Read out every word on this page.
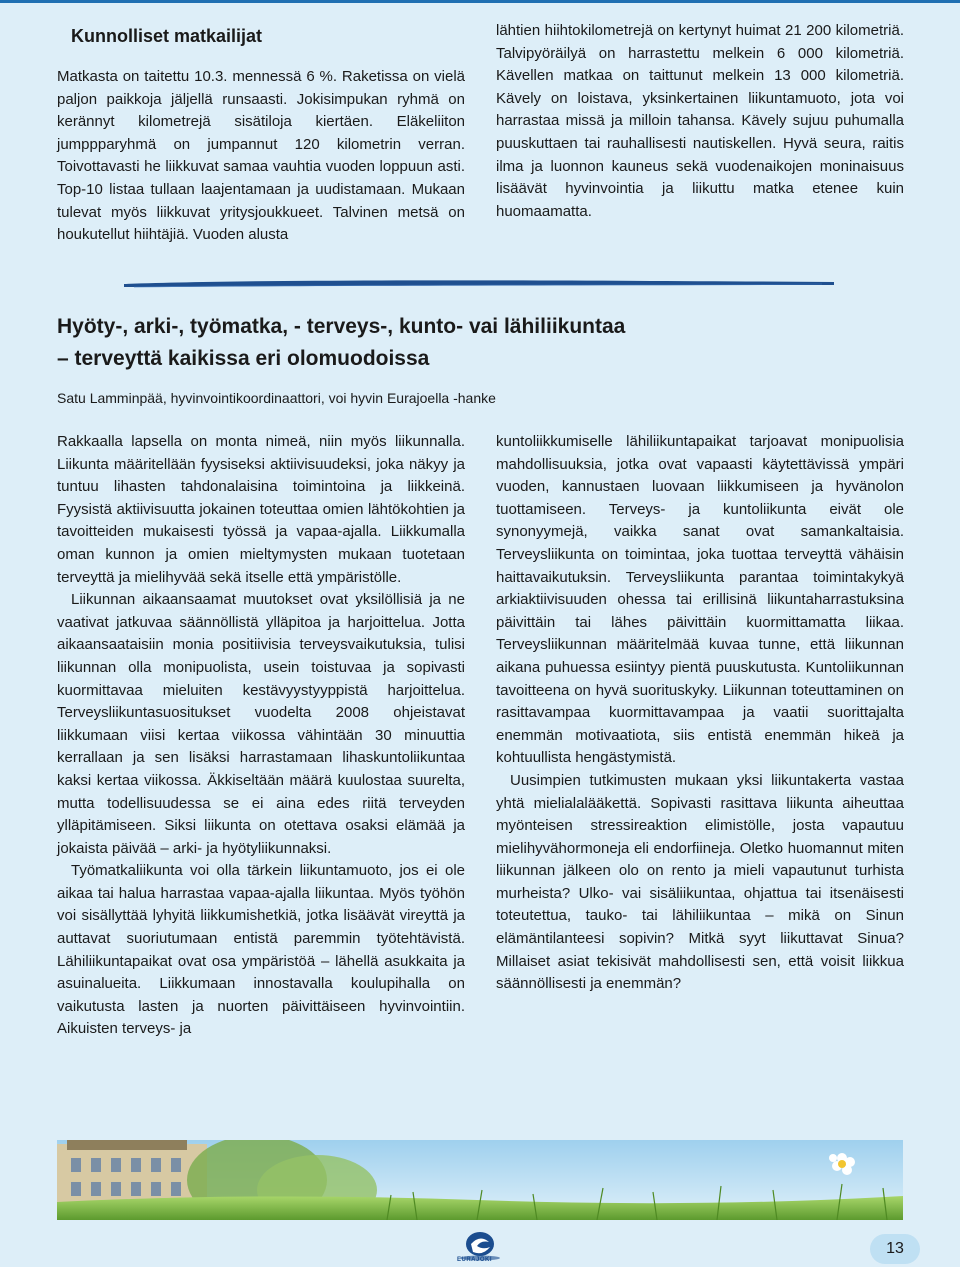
Kunnolliset matkailijat

Matkasta on taitettu 10.3. mennessä 6 %. Raketissa on vielä paljon paikkoja jäljellä runsaasti. Jokisimpukan ryhmä on kerännyt kilometrejä sisätiloja kiertäen. Eläkeliiton jumppparyhmä on jumpannut 120 kilometrin verran. Toivottavasti he liikkuvat samaa vauhtia vuoden loppuun asti. Top-10 listaa tullaan laajentamaan ja uudistamaan. Mukaan tulevat myös liikkuvat yritysjoukkueet. Talvinen metsä on houkutellut hiihtäjiä. Vuoden alusta

lähtien hiihtokilometrejä on kertynyt huimat 21 200 kilometriä. Talvipyöräilyä on harrastettu melkein 6 000 kilometriä. Kävellen matkaa on taittunut melkein 13 000 kilometriä. Kävely on loistava, yksinkertainen liikuntamuoto, jota voi harrastaa missä ja milloin tahansa. Kävely sujuu puhumalla puuskuttaen tai rauhallisesti nautiskellen. Hyvä seura, raitis ilma ja luonnon kauneus sekä vuodenaikojen moninaisuus lisäävät hyvinvointia ja liikuttu matka etenee kuin huomaamatta.

Hyöty-, arki-, työmatka, - terveys-, kunto- vai lähiliikuntaa
– terveyttä kaikissa eri olomuodoissa
Satu Lamminpää, hyvinvointikoordinaattori, voi hyvin Eurajoella -hanke

Rakkaalla lapsella on monta nimeä, niin myös liikunnalla. Liikunta määritellään fyysiseksi aktiivisuudeksi, joka näkyy ja tuntuu lihasten tahdonalaisina toimintoina ja liikkeinä. Fyysistä aktiivisuutta jokainen toteuttaa omien lähtökohtien ja tavoitteiden mukaisesti työssä ja vapaa-ajalla. Liikkumalla oman kunnon ja omien mieltymysten mukaan tuotetaan terveyttä ja mielihyvää sekä itselle että ympäristölle.

Liikunnan aikaansaamat muutokset ovat yksilöllisiä ja ne vaativat jatkuvaa säännöllistä ylläpitoa ja harjoittelua. Jotta aikaansaataisiin monia positiivisia terveysvaikutuksia, tulisi liikunnan olla monipuolista, usein toistuvaa ja sopivasti kuormittavaa mieluiten kestävyystyyppistä harjoittelua. Terveysliikuntasuositukset vuodelta 2008 ohjeistavat liikkumaan viisi kertaa viikossa vähintään 30 minuuttia kerrallaan ja sen lisäksi harrastamaan lihaskuntoliikuntaa kaksi kertaa viikossa. Äkkiseltään määrä kuulostaa suurelta, mutta todellisuudessa se ei aina edes riitä terveyden ylläpitämiseen. Siksi liikunta on otettava osaksi elämää ja jokaista päivää – arki- ja hyötyliikunnaksi.

Työmatkaliikunta voi olla tärkein liikuntamuoto, jos ei ole aikaa tai halua harrastaa vapaa-ajalla liikuntaa. Myös työhön voi sisällyttää lyhyitä liikkumishetkiä, jotka lisäävät vireyttä ja auttavat suoriutumaan entistä paremmin työtehtävistä. Lähiliikuntapaikat ovat osa ympäristöä – lähellä asukkaita ja asuinalueita. Liikkumaan innostavalla koulupihalla on vaikutusta lasten ja nuorten päivittäiseen hyvinvointiin. Aikuisten terveys- ja

kuntoliikkumiselle lähiliikuntapaikat tarjoavat monipuolisia mahdollisuuksia, jotka ovat vapaasti käytettävissä ympäri vuoden, kannustaen luovaan liikkumiseen ja hyvänolon tuottamiseen. Terveys- ja kuntoliikunta eivät ole synonyymejä, vaikka sanat ovat samankaltaisia. Terveysliikunta on toimintaa, joka tuottaa terveyttä vähäisin haittavaikutuksin. Terveysliikunta parantaa toimintakykyä arkiaktiivisuuden ohessa tai erillisinä liikuntaharrastuksina päivittäin tai lähes päivittäin kuormittamatta liikaa. Terveysliikunnan määritelmää kuvaa tunne, että liikunnan aikana puhuessa esiintyy pientä puuskutusta. Kuntoliikunnan tavoitteena on hyvä suorituskyky. Liikunnan toteuttaminen on rasittavampaa kuormittavampaa ja vaatii suorittajalta enemmän motivaatiota, siis entistä enemmän hikeä ja kohtuullista hengästymistä.

Uusimpien tutkimusten mukaan yksi liikuntakerta vastaa yhtä mielialalääkettä. Sopivasti rasittava liikunta aiheuttaa myönteisen stressireaktion elimistölle, josta vapautuu mielihyvähormoneja eli endorfiineja. Oletko huomannut miten liikunnan jälkeen olo on rento ja mieli vapautunut turhista murheista? Ulko- vai sisäliikuntaa, ohjattua tai itsenäisesti toteutettua, tauko- tai lähiliikuntaa – mikä on Sinun elämäntilanteesi sopivin? Mitkä syyt liikuttavat Sinua? Millaiset asiat tekisivät mahdollisesti sen, että voisit liikkua säännöllisesti ja enemmän?

EURAJOKI
13
